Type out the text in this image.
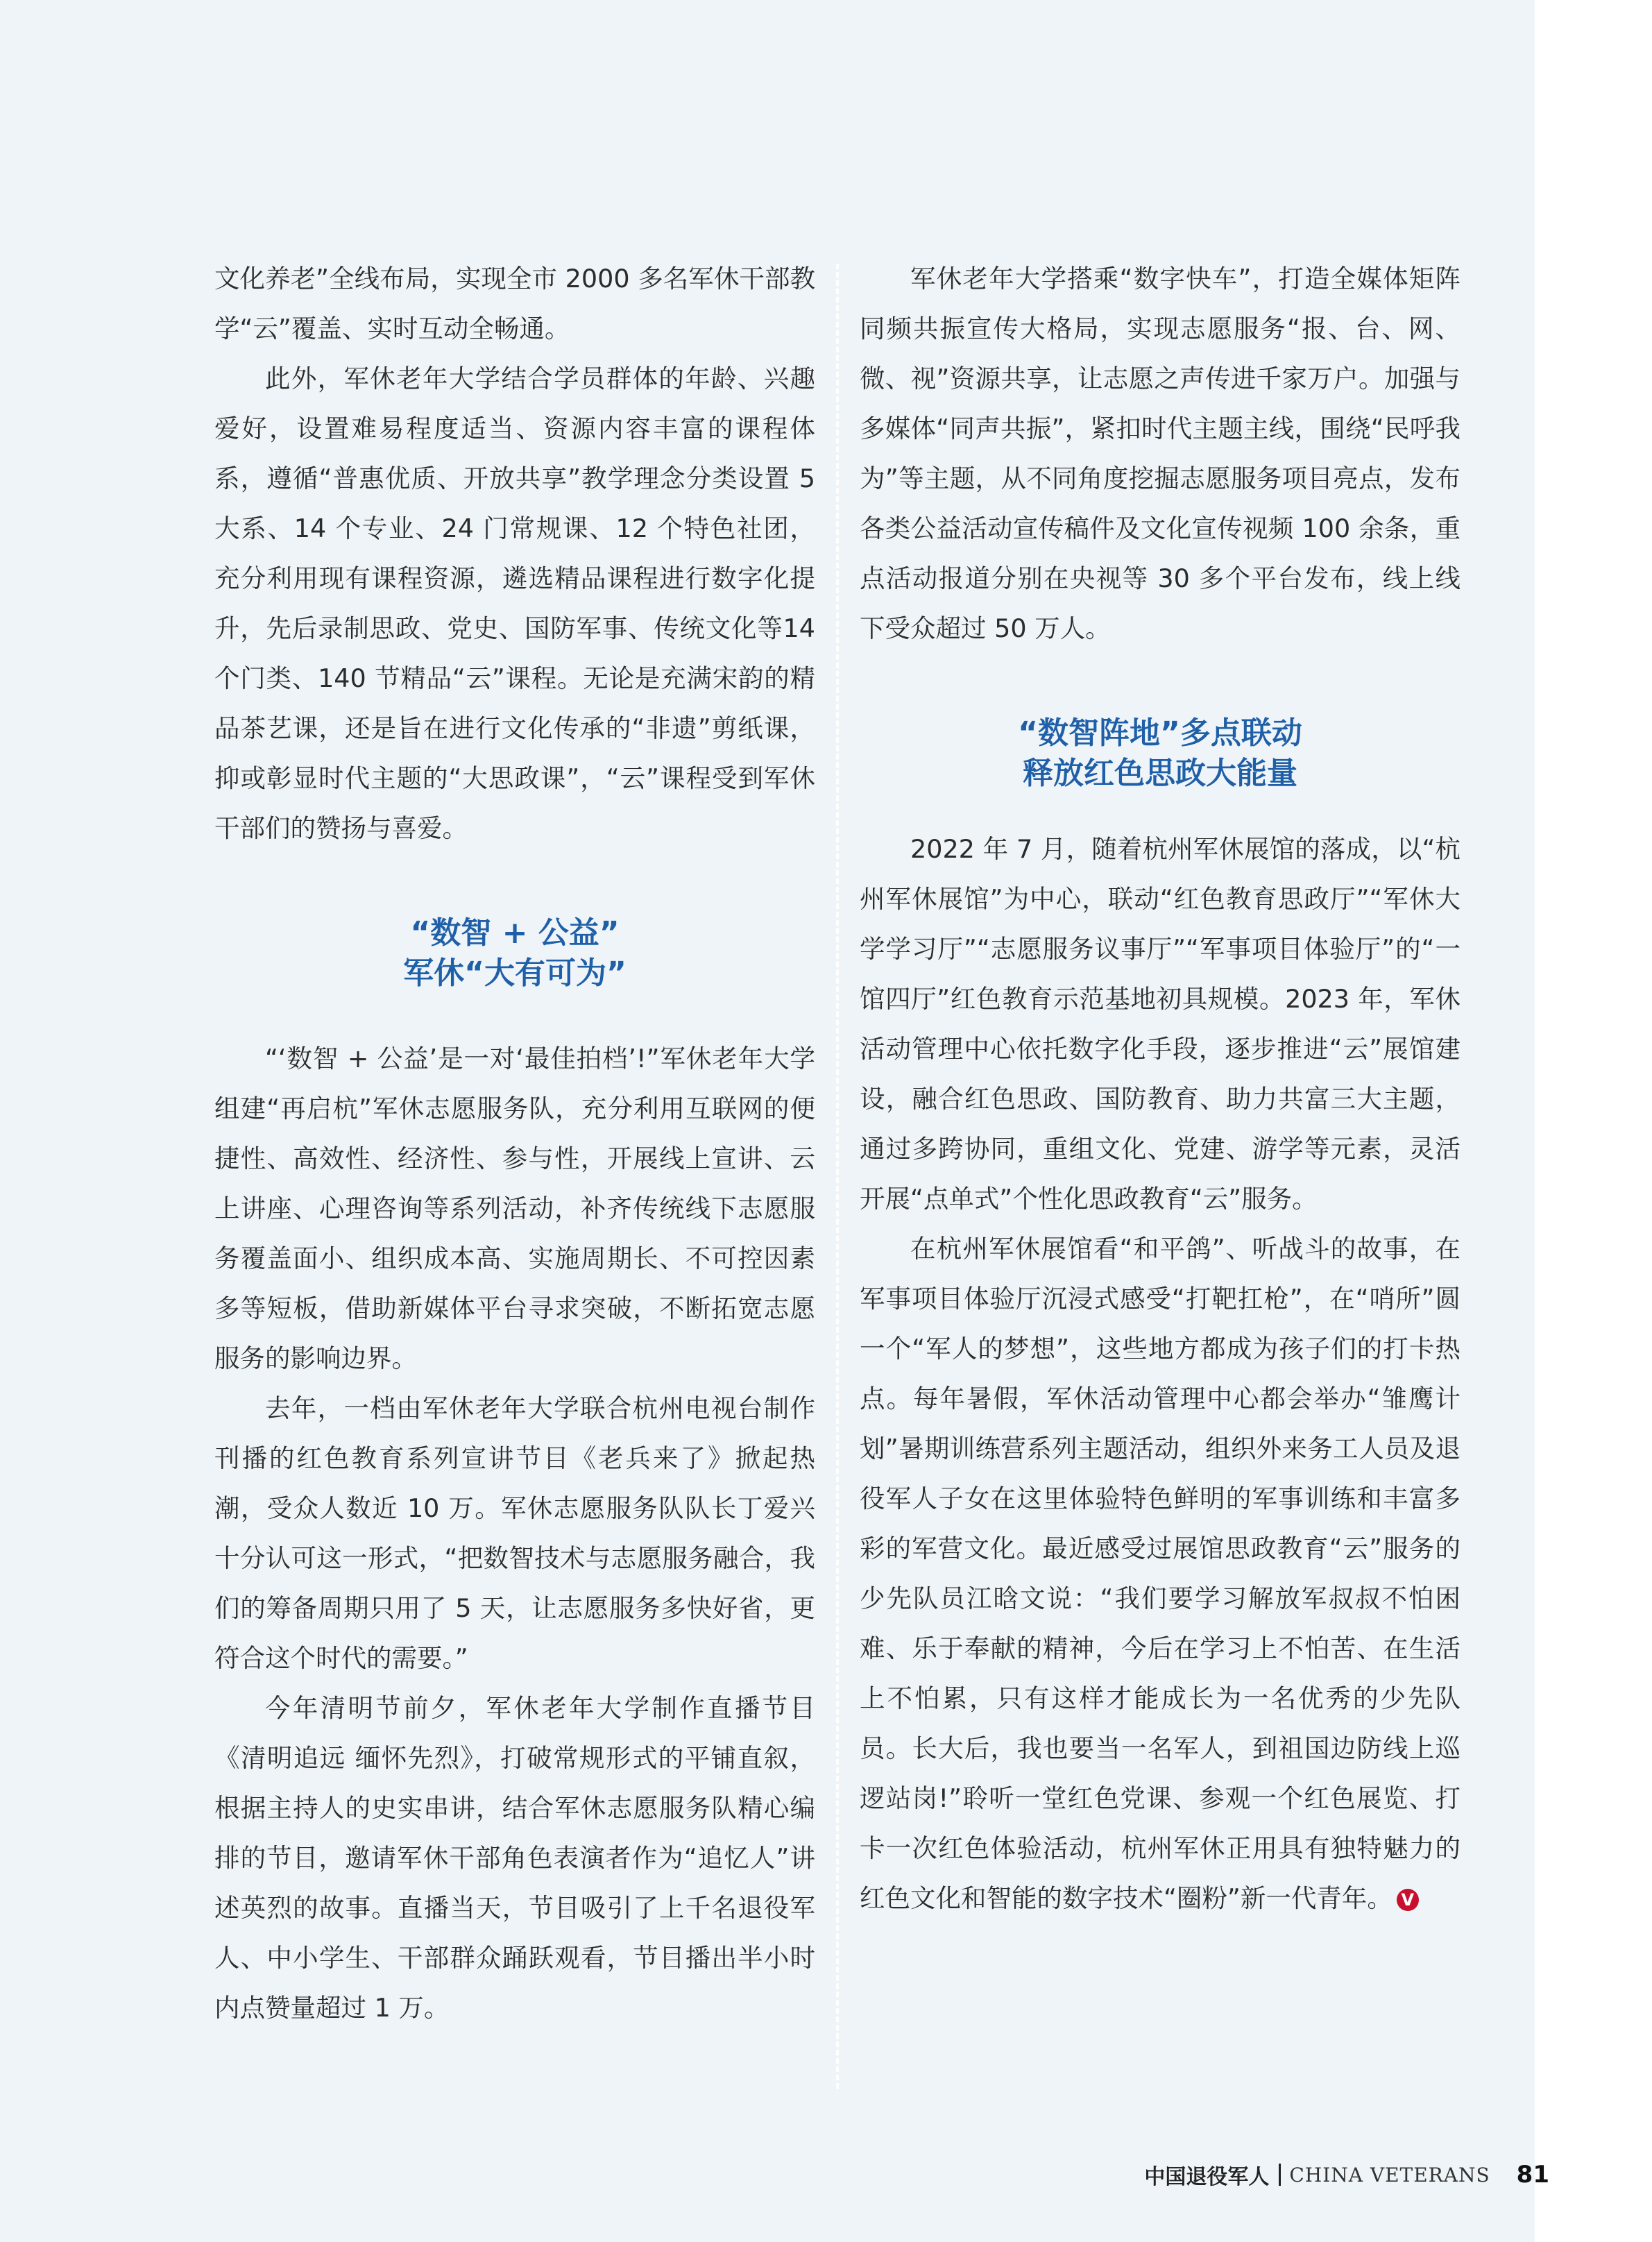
文化养老”全线布局，实现全市 2000 多名军休干部教学“云”覆盖、实时互动全畅通。

此外，军休老年大学结合学员群体的年龄、兴趣爱好，设置难易程度适当、资源内容丰富的课程体系，遵循“普惠优质、开放共享”教学理念分类设置 5 大系、14 个专业、24 门常规课、12 个特色社团，充分利用现有课程资源，遴选精品课程进行数字化提升，先后录制思政、党史、国防军事、传统文化等14个门类、140 节精品“云”课程。无论是充满宋韵的精品茶艺课，还是旨在进行文化传承的“非遗”剪纸课，抑或彰显时代主题的“大思政课”，“云”课程受到军休干部们的赞扬与喜爱。

“数智 + 公益”
军休“大有可为”

“‘数智 + 公益’是一对‘最佳拍档’!”军休老年大学组建“再启杭”军休志愿服务队，充分利用互联网的便捷性、高效性、经济性、参与性，开展线上宣讲、云上讲座、心理咨询等系列活动，补齐传统线下志愿服务覆盖面小、组织成本高、实施周期长、不可控因素多等短板，借助新媒体平台寻求突破，不断拓宽志愿服务的影响边界。

去年，一档由军休老年大学联合杭州电视台制作刊播的红色教育系列宣讲节目《老兵来了》掀起热潮，受众人数近 10 万。军休志愿服务队队长丁爱兴十分认可这一形式，“把数智技术与志愿服务融合，我们的筹备周期只用了 5 天，让志愿服务多快好省，更符合这个时代的需要。”

今年清明节前夕，军休老年大学制作直播节目《清明追远 缅怀先烈》，打破常规形式的平铺直叙，根据主持人的史实串讲，结合军休志愿服务队精心编排的节目，邀请军休干部角色表演者作为“追忆人”讲述英烈的故事。直播当天，节目吸引了上千名退役军人、中小学生、干部群众踊跃观看，节目播出半小时内点赞量超过 1 万。

军休老年大学搭乘“数字快车”，打造全媒体矩阵同频共振宣传大格局，实现志愿服务“报、台、网、微、视”资源共享，让志愿之声传进千家万户。加强与多媒体“同声共振”，紧扣时代主题主线，围绕“民呼我为”等主题，从不同角度挖掘志愿服务项目亮点，发布各类公益活动宣传稿件及文化宣传视频 100 余条，重点活动报道分别在央视等 30 多个平台发布，线上线下受众超过 50 万人。

“数智阵地”多点联动
释放红色思政大能量

2022 年 7 月，随着杭州军休展馆的落成，以“杭州军休展馆”为中心，联动“红色教育思政厅”“军休大学学习厅”“志愿服务议事厅”“军事项目体验厅”的“一馆四厅”红色教育示范基地初具规模。2023 年，军休活动管理中心依托数字化手段，逐步推进“云”展馆建设，融合红色思政、国防教育、助力共富三大主题，通过多跨协同，重组文化、党建、游学等元素，灵活开展“点单式”个性化思政教育“云”服务。

在杭州军休展馆看“和平鸽”、听战斗的故事，在军事项目体验厅沉浸式感受“打靶扛枪”，在“哨所”圆一个“军人的梦想”，这些地方都成为孩子们的打卡热点。每年暑假，军休活动管理中心都会举办“雏鹰计划”暑期训练营系列主题活动，组织外来务工人员及退役军人子女在这里体验特色鲜明的军事训练和丰富多彩的军营文化。最近感受过展馆思政教育“云”服务的少先队员江晗文说：“我们要学习解放军叔叔不怕困难、乐于奉献的精神，今后在学习上不怕苦、在生活上不怕累，只有这样才能成长为一名优秀的少先队员。长大后，我也要当一名军人，到祖国边防线上巡逻站岗!”聆听一堂红色党课、参观一个红色展览、打卡一次红色体验活动，杭州军休正用具有独特魅力的红色文化和智能的数字技术“圈粉”新一代青年。 V

中国退役军人 CHINA VETERANS 81
